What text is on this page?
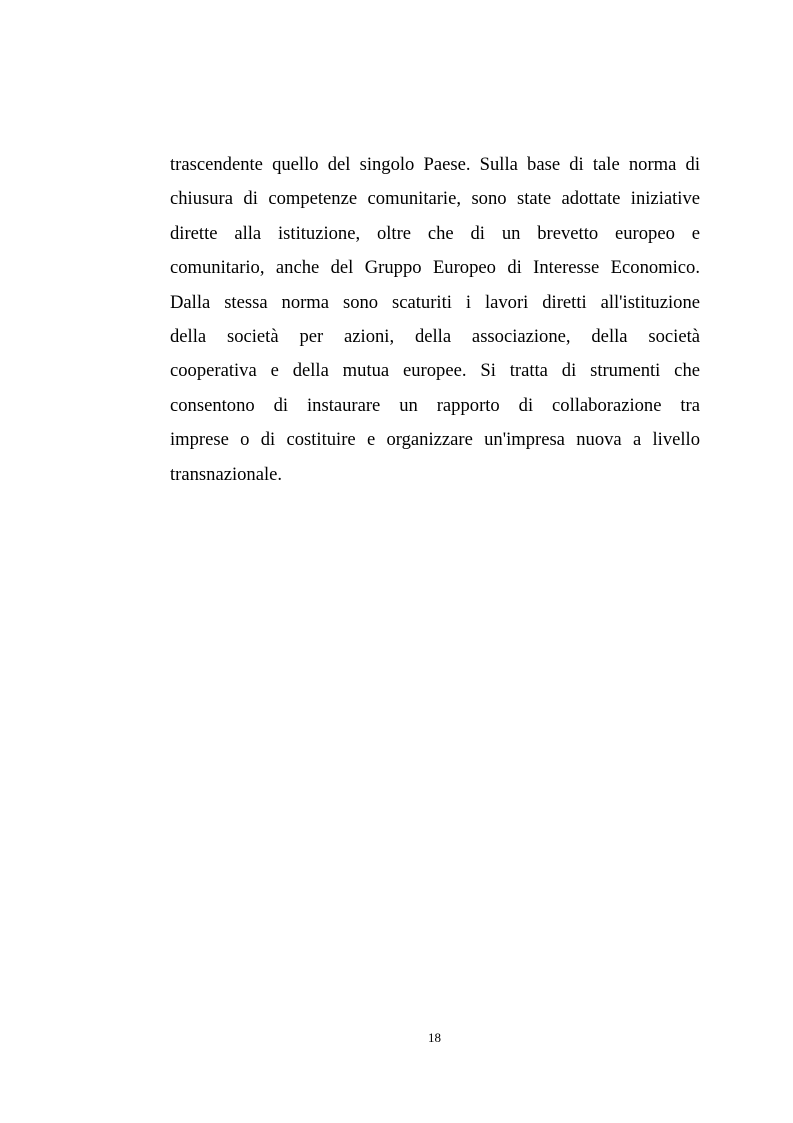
trascendente quello del singolo Paese. Sulla base di tale norma di
chiusura di competenze comunitarie, sono state adottate iniziative
dirette alla istituzione, oltre che di un brevetto europeo e
comunitario, anche del Gruppo Europeo di Interesse Economico.
Dalla stessa norma sono scaturiti i lavori diretti all'istituzione
della società per azioni, della associazione, della società
cooperativa e della mutua europee. Si tratta di strumenti che
consentono di instaurare un rapporto di collaborazione tra
imprese o di costituire e organizzare un'impresa nuova a livello
transnazionale.
18
